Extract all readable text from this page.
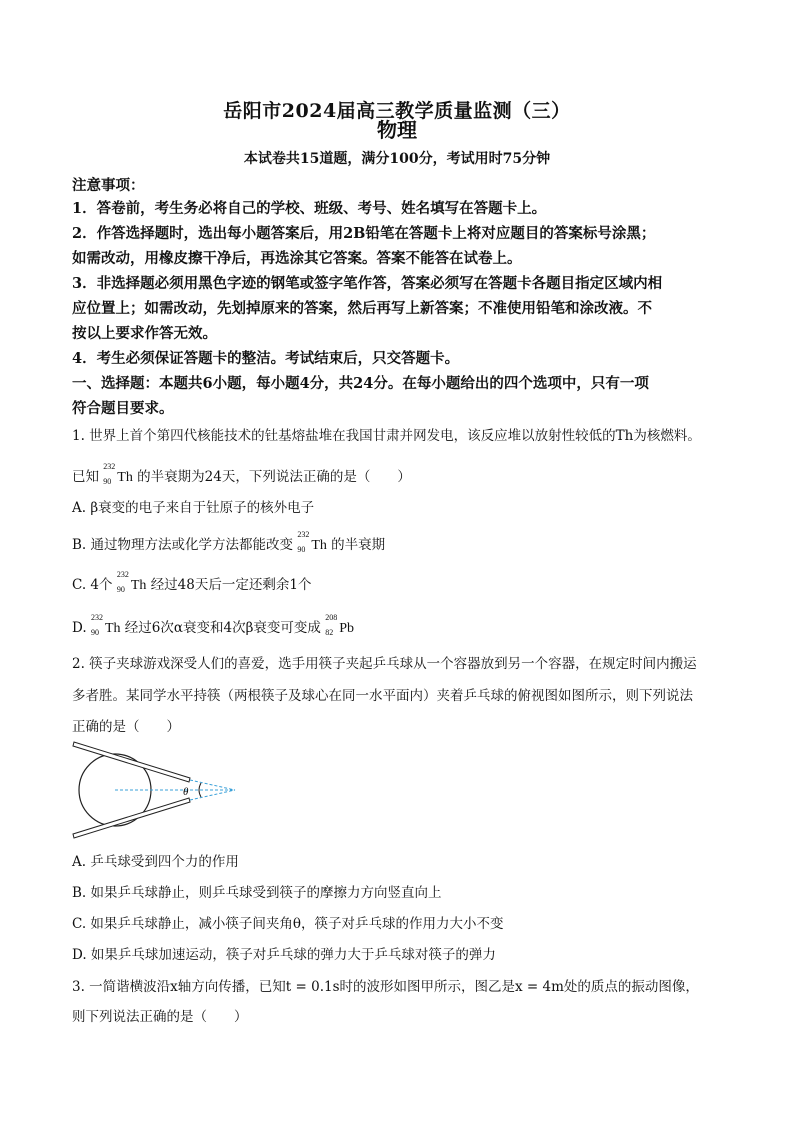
岳阳市2024届高三教学质量监测（三）
物理
本试卷共15道题，满分100分，考试用时75分钟
注意事项：
1．答卷前，考生务必将自己的学校、班级、考号、姓名填写在答题卡上。
2．作答选择题时，选出每小题答案后，用2B铅笔在答题卡上将对应题目的答案标号涂黑；
如需改动，用橡皮擦干净后，再选涂其它答案。答案不能答在试卷上。
3．非选择题必须用黑色字迹的钢笔或签字笔作答，答案必须写在答题卡各题目指定区域内相
应位置上；如需改动，先划掉原来的答案，然后再写上新答案；不准使用铅笔和涂改液。不
按以上要求作答无效。
4．考生必须保证答题卡的整洁。考试结束后，只交答题卡。
一、选择题：本题共6小题，每小题4分，共24分。在每小题给出的四个选项中，只有一项
符合题目要求。
1. 世界上首个第四代核能技术的钍基熔盐堆在我国甘肃并网发电，该反应堆以放射性较低的Th为核燃料。
已知
232
90 Th 的半衰期为24天，下列说法正确的是（　　）
A. β衰变的电子来自于钍原子的核外电子
B. 通过物理方法或化学方法都能改变
232
90 Th 的半衰期
C. 4个
232
90 Th 经过48天后一定还剩余1个
D.
232
90 Th 经过6次α衰变和4次β衰变可变成
208
82 Pb
2. 筷子夹球游戏深受人们的喜爱，选手用筷子夹起乒乓球从一个容器放到另一个容器，在规定时间内搬运
多者胜。某同学水平持筷（两根筷子及球心在同一水平面内）夹着乒乓球的俯视图如图所示，则下列说法
正确的是（　　）
θ
A. 乒乓球受到四个力的作用
B. 如果乒乓球静止，则乒乓球受到筷子的摩擦力方向竖直向上
C. 如果乒乓球静止，减小筷子间夹角θ，筷子对乒乓球的作用力大小不变
D. 如果乒乓球加速运动，筷子对乒乓球的弹力大于乒乓球对筷子的弹力
3. 一简谐横波沿x轴方向传播，已知t = 0.1s时的波形如图甲所示，图乙是x = 4m处的质点的振动图像，
则下列说法正确的是（　　）
